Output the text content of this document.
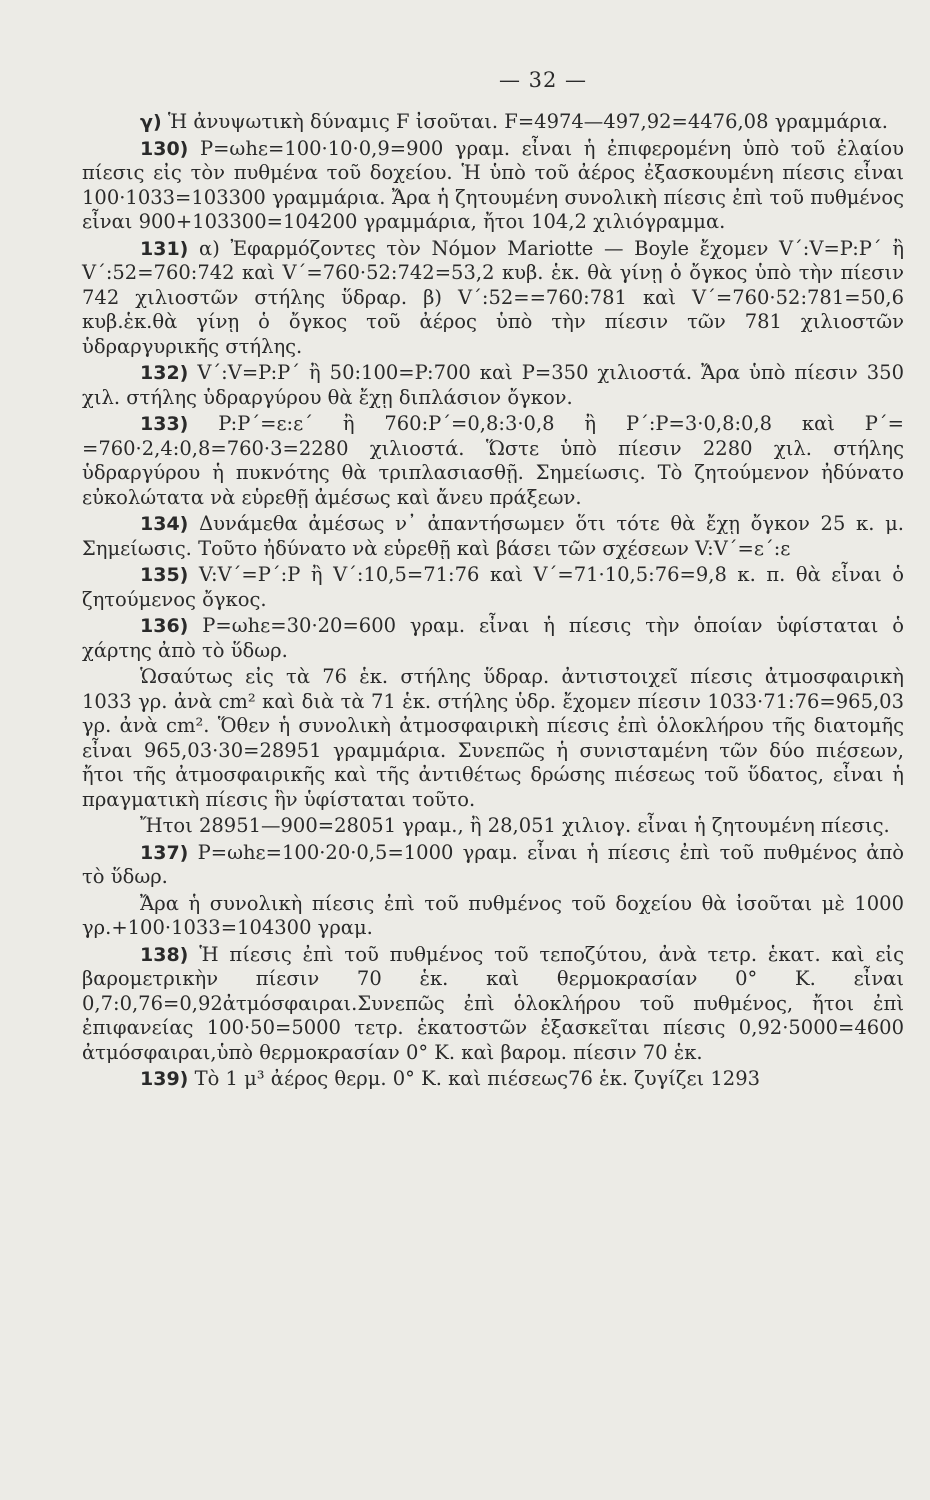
— 32 —

γ) Ἡ ἀνυψωτικὴ δύναμις F ἰσοῦται. F=4974—497,92=4476,08 γραμμάρια.

130) P=ωhε=100·10·0,9=900 γραμ. εἶναι ἡ ἐπιφερομένη ὑπὸ τοῦ ἐλαίου πίεσις εἰς τὸν πυθμένα τοῦ δοχείου. Ἡ ὑπὸ τοῦ ἀέρος ἐξασκουμένη πίεσις εἶναι 100·1033=103300 γραμμάρια. Ἄρα ἡ ζητουμένη συνολικὴ πίεσις ἐπὶ τοῦ πυθμένος εἶναι 900+103300=104200 γραμμάρια, ἤτοι 104,2 χιλιόγραμμα.

131) α) Ἐφαρμόζοντες τὸν Νόμον Mariotte — Boyle ἔχομεν V΄:V=P:P΄ ἢ V΄:52=760:742 καὶ V΄=760·52:742=53,2 κυβ. ἑκ. θὰ γίνῃ ὁ ὄγκος ὑπὸ τὴν πίεσιν 742 χιλιοστῶν στήλης ὕδραρ. β) V΄:52==760:781 καὶ V΄=760·52:781=50,6 κυβ.ἑκ.θὰ γίνῃ ὁ ὄγκος τοῦ ἀέρος ὑπὸ τὴν πίεσιν τῶν 781 χιλιοστῶν ὑδραργυρικῆς στήλης.

132) V΄:V=P:P΄ ἢ 50:100=P:700 καὶ P=350 χιλιοστά. Ἄρα ὑπὸ πίεσιν 350 χιλ. στήλης ὑδραργύρου θὰ ἔχῃ διπλάσιον ὄγκον.

133) P:P΄=ε:ε΄ ἢ 760:P΄=0,8:3·0,8 ἢ P΄:P=3·0,8:0,8 καὶ P΄= =760·2,4:0,8=760·3=2280 χιλιοστά. Ὥστε ὑπὸ πίεσιν 2280 χιλ. στήλης ὑδραργύρου ἡ πυκνότης θὰ τριπλασιασθῇ. Σημείωσις. Τὸ ζητούμενον ἠδύνατο εὐκολώτατα νὰ εὑρεθῇ ἀμέσως καὶ ἄνευ πράξεων.

134) Δυνάμεθα ἀμέσως ν᾿ ἀπαντήσωμεν ὅτι τότε θὰ ἔχῃ ὄγκον 25 κ. μ. Σημείωσις. Τοῦτο ἠδύνατο νὰ εὑρεθῇ καὶ βάσει τῶν σχέσεων V:V΄=ε΄:ε

135) V:V΄=P΄:P ἢ V΄:10,5=71:76 καὶ V΄=71·10,5:76=9,8 κ. π. θὰ εἶναι ὁ ζητούμενος ὄγκος.

136) P=ωhε=30·20=600 γραμ. εἶναι ἡ πίεσις τὴν ὁποίαν ὑφίσταται ὁ χάρτης ἀπὸ τὸ ὕδωρ.

Ὡσαύτως εἰς τὰ 76 ἑκ. στήλης ὕδραρ. ἀντιστοιχεῖ πίεσις ἀτμοσφαιρικὴ 1033 γρ. ἀνὰ cm² καὶ διὰ τὰ 71 ἑκ. στήλης ὑδρ. ἔχομεν πίεσιν 1033·71:76=965,03 γρ. ἀνὰ cm². Ὅθεν ἡ συνολικὴ ἀτμοσφαιρικὴ πίεσις ἐπὶ ὁλοκλήρου τῆς διατομῆς εἶναι 965,03·30=28951 γραμμάρια. Συνεπῶς ἡ συνισταμένη τῶν δύο πιέσεων, ἤτοι τῆς ἀτμοσφαιρικῆς καὶ τῆς ἀντιθέτως δρώσης πιέσεως τοῦ ὕδατος, εἶναι ἡ πραγματικὴ πίεσις ἣν ὑφίσταται τοῦτο.

Ἤτοι 28951—900=28051 γραμ., ἢ 28,051 χιλιογ. εἶναι ἡ ζητουμένη πίεσις.

137) P=ωhε=100·20·0,5=1000 γραμ. εἶναι ἡ πίεσις ἐπὶ τοῦ πυθμένος ἀπὸ τὸ ὕδωρ.

Ἄρα ἡ συνολικὴ πίεσις ἐπὶ τοῦ πυθμένος τοῦ δοχείου θὰ ἰσοῦται μὲ 1000 γρ.+100·1033=104300 γραμ.

138) Ἡ πίεσις ἐπὶ τοῦ πυθμένος τοῦ τεποζύτου, ἀνὰ τετρ. ἑκατ. καὶ εἰς βαρομετρικὴν πίεσιν 70 ἑκ. καὶ θερμοκρασίαν 0° K. εἶναι 0,7:0,76=0,92ἀτμόσφαιραι.Συνεπῶς ἐπὶ ὁλοκλήρου τοῦ πυθμένος, ἤτοι ἐπὶ ἐπιφανείας 100·50=5000 τετρ. ἑκατοστῶν ἐξασκεῖται πίεσις 0,92·5000=4600 ἀτμόσφαιραι,ὑπὸ θερμοκρασίαν 0° K. καὶ βαρομ. πίεσιν 70 ἑκ.

139) Τὸ 1 μ³ ἀέρος θερμ. 0° K. καὶ πιέσεως76 ἑκ. ζυγίζει 1293
